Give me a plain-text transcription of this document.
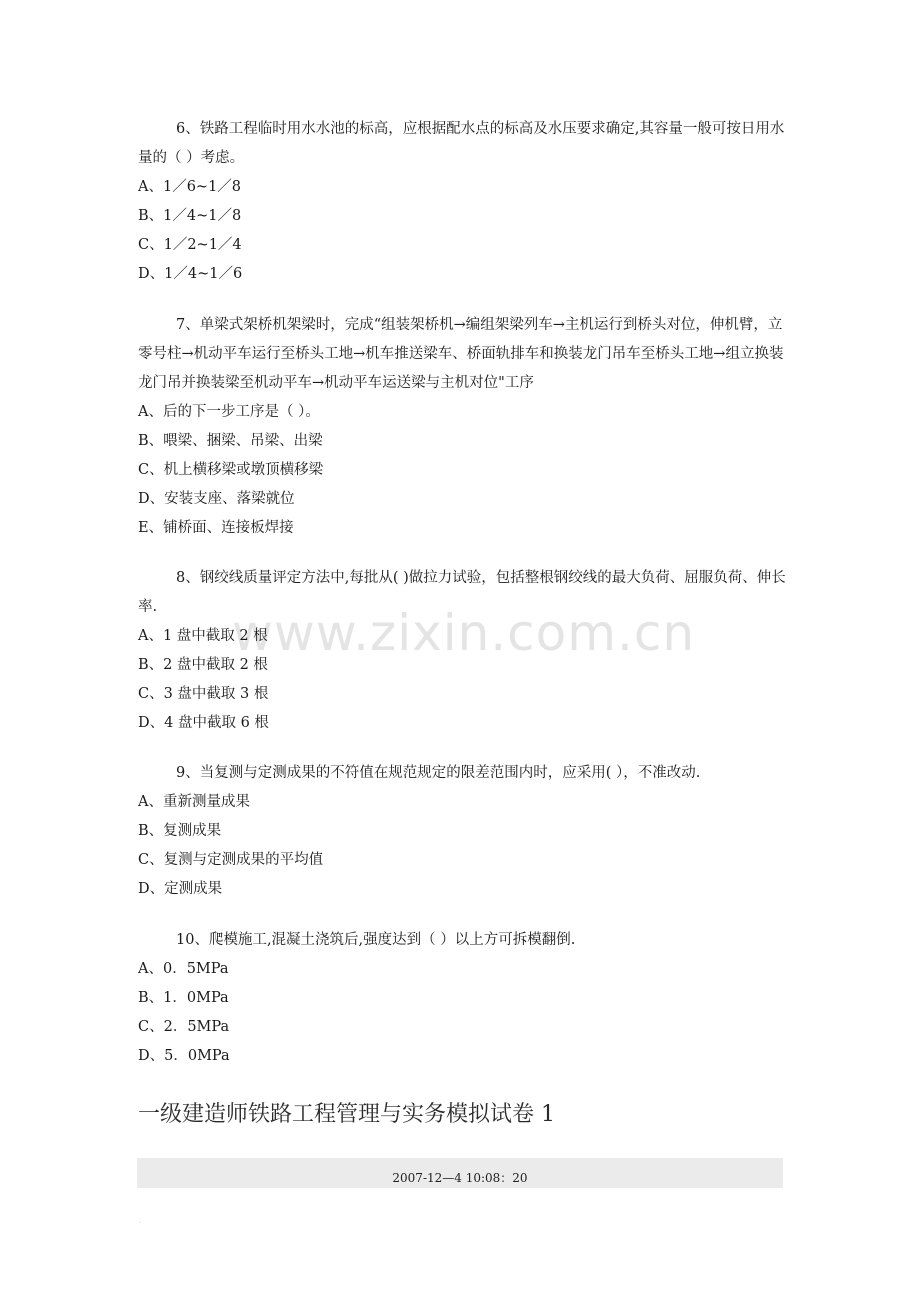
www.zixin.com.cn

6、铁路工程临时用水水池的标高，应根据配水点的标高及水压要求确定,其容量一般可按日用水量的（ ）考虑。

A、1／6~1／8

B、1／4~1／8

C、1／2~1／4

D、1／4~1／6

7、单梁式架桥机架梁时，完成“组装架桥机→编组架梁列车→主机运行到桥头对位，伸机臂，立零号柱→机动平车运行至桥头工地→机车推送梁车、桥面轨排车和换装龙门吊车至桥头工地→组立换装龙门吊并换装梁至机动平车→机动平车运送梁与主机对位"工序

A、后的下一步工序是（ ）。

B、喂梁、捆梁、吊梁、出梁

C、机上横移梁或墩顶横移梁

D、安装支座、落梁就位

E、铺桥面、连接板焊接

8、钢绞线质量评定方法中,每批从( )做拉力试验，包括整根钢绞线的最大负荷、屈服负荷、伸长率.

A、1 盘中截取 2 根

B、2 盘中截取 2 根

C、3 盘中截取 3 根

D、4 盘中截取 6 根

9、当复测与定测成果的不符值在规范规定的限差范围内时，应采用( ），不准改动.

A、重新测量成果

B、复测成果

C、复测与定测成果的平均值

D、定测成果

10、爬模施工,混凝土浇筑后,强度达到（ ）以上方可拆模翻倒.

A、0．5MPa

B、1．0MPa

C、2．5MPa

D、5．0MPa

一级建造师铁路工程管理与实务模拟试卷 1
2007-12—4 10:08：20
.
